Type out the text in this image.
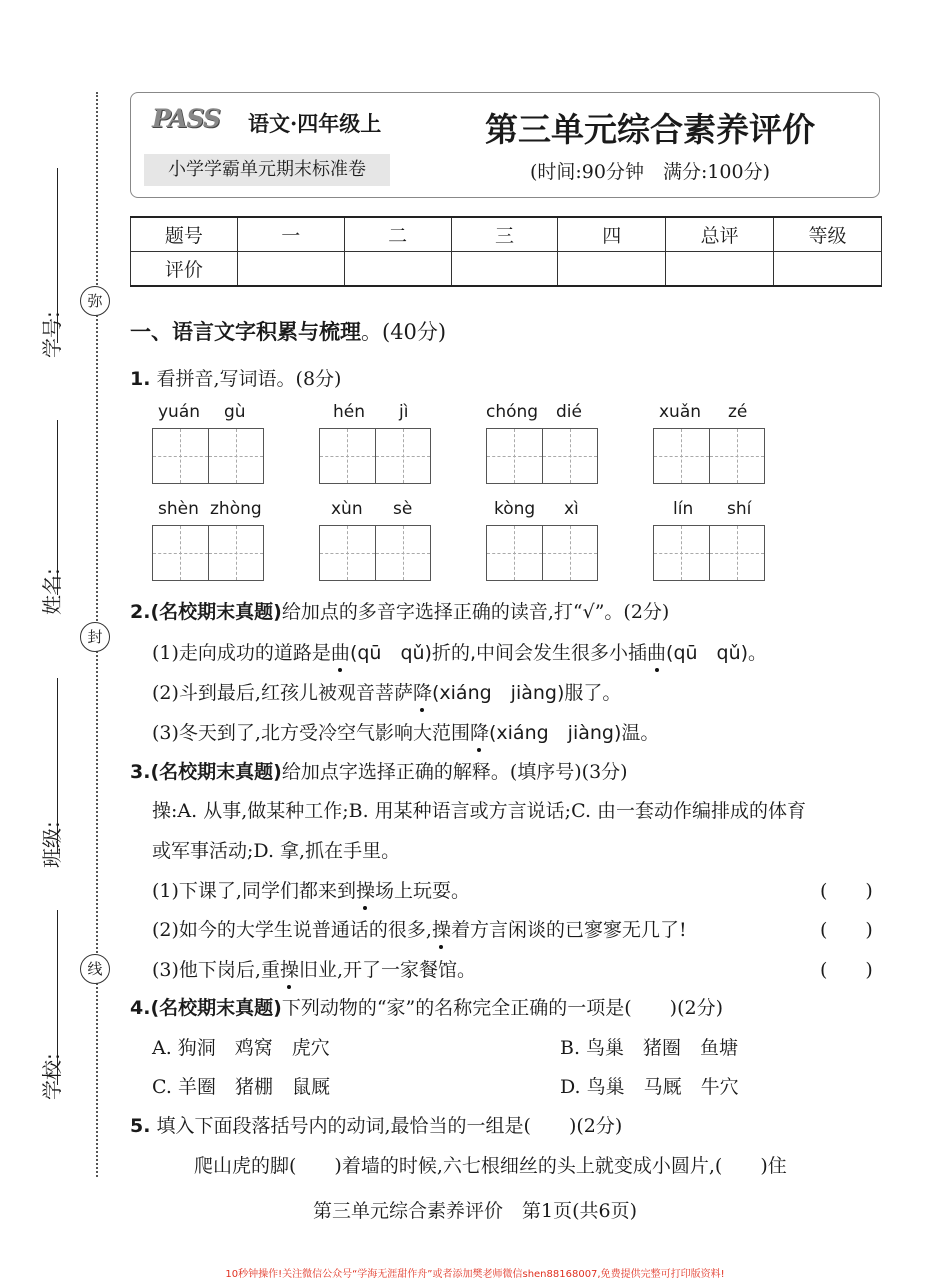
弥
封
线
学号:
姓名:
班级:
学校:
PASS 语文·四年级上
小学学霸单元期末标准卷
第三单元综合素养评价
(时间:90分钟　满分:100分)
题号	一	二	三	四	总评	等级
评价						
一、语言文字积累与梳理。(40分)
1. 看拼音,写词语。(8分)
yuán gù	hén jì	chóng dié	xuǎn zé
shèn zhòng	xùn sè	kòng xì	lín shí
2.(名校期末真题)给加点的多音字选择正确的读音,打“√”。(2分)
(1)走向成功的道路是曲(qū　qǔ)折的,中间会发生很多小插曲(qū　qǔ)。
(2)斗到最后,红孩儿被观音菩萨降(xiáng　jiàng)服了。
(3)冬天到了,北方受冷空气影响大范围降(xiáng　jiàng)温。
3.(名校期末真题)给加点字选择正确的解释。(填序号)(3分)
操:A. 从事,做某种工作;B. 用某种语言或方言说话;C. 由一套动作编排成的体育
或军事活动;D. 拿,抓在手里。
(1)下课了,同学们都来到操场上玩耍。	(　　)
(2)如今的大学生说普通话的很多,操着方言闲谈的已寥寥无几了!	(　　)
(3)他下岗后,重操旧业,开了一家餐馆。	(　　)
4.(名校期末真题)下列动物的“家”的名称完全正确的一项是(　　)(2分)
A. 狗洞　鸡窝　虎穴	B. 鸟巢　猪圈　鱼塘
C. 羊圈　猪棚　鼠厩	D. 鸟巢　马厩　牛穴
5. 填入下面段落括号内的动词,最恰当的一组是(　　)(2分)
爬山虎的脚(　　)着墙的时候,六七根细丝的头上就变成小圆片,(　　)住
第三单元综合素养评价　第1页(共6页)
10秒钟操作!关注微信公众号“学海无涯甜作舟”或者添加樊老师微信shen88168007,免费提供完整可打印版资料!
